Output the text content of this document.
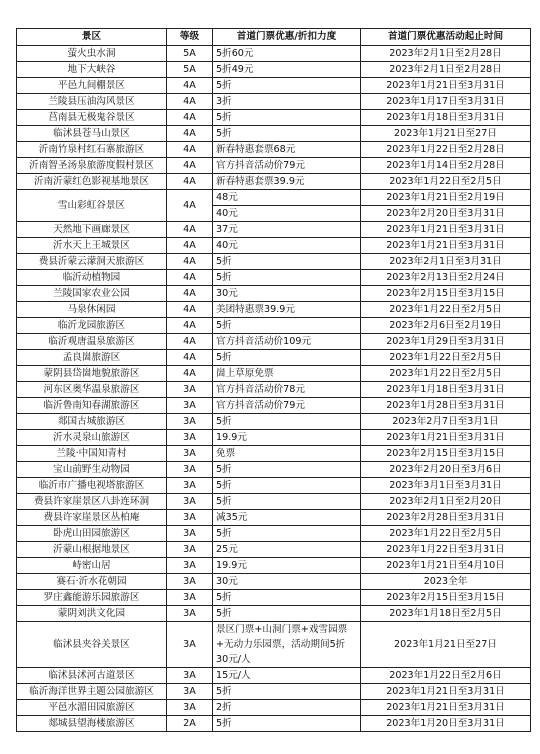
景区	等级	首道门票优惠/折扣力度	首道门票优惠活动起止时间
萤火虫水洞	5A	5折60元	2023年2月1日至2月28日
地下大峡谷	5A	5折49元	2023年2月1日至2月28日
平邑九间棚景区	4A	5折	2023年1月21日至3月31日
兰陵县压油沟风景区	4A	3折	2023年1月17日至3月31日
莒南县无极鬼谷景区	4A	5折	2023年1月18日至3月31日
临沭县苍马山景区	4A	5折	2023年1月21日至27日
沂南竹泉村红石寨旅游区	4A	新春特惠套票68元	2023年1月22日至2月28日
沂南智圣汤泉旅游度假村景区	4A	官方抖音活动价79元	2023年1月14日至2月28日
沂南沂蒙红色影视基地景区	4A	新春特惠套票39.9元	2023年1月22日至2月5日
雪山彩虹谷景区	4A	48元	2023年1月21日至2月19日
		40元	2023年2月20日至3月31日
天然地下画廊景区	4A	37元	2023年1月21日至3月31日
沂水天上王城景区	4A	40元	2023年1月21日至3月31日
费县沂蒙云濛洞天旅游区	4A	5折	2023年2月1日至3月31日
临沂动植物园	4A	5折	2023年2月13日至2月24日
兰陵国家农业公园	4A	30元	2023年2月15日至3月15日
马泉休闲园	4A	美团特惠票39.9元	2023年1月22日至2月5日
临沂龙园旅游区	4A	5折	2023年2月6日至2月19日
临沂观唐温泉旅游区	4A	官方抖音活动价109元	2023年1月29日至3月31日
孟良崮旅游区	4A	5折	2023年1月22日至2月5日
蒙阴县岱崮地貌旅游区	4A	崮上草原免票	2023年1月22日至2月5日
河东区奥华温泉旅游区	3A	官方抖音活动价78元	2023年1月18日至3月31日
临沂鲁南知春湖旅游区	3A	官方抖音活动价79元	2023年1月28日至3月31日
郯国古城旅游区	3A	5折	2023年2月7日至3月1日
沂水灵泉山旅游区	3A	19.9元	2023年1月21日至3月31日
兰陵·中国知青村	3A	免票	2023年2月15日至3月15日
宝山前野生动物园	3A	5折	2023年2月20日至3月6日
临沂市广播电视塔旅游区	3A	5折	2023年3月1日至3月31日
费县许家崖景区八卦连环洞	3A	5折	2023年2月1日至2月20日
费县许家崖景区丛柏庵	3A	减35元	2023年2月28日至3月31日
卧虎山田园旅游区	3A	5折	2023年1月22日至2月5日
沂蒙山根据地景区	3A	25元	2023年1月22日至3月31日
峙密山居	3A	19.9元	2023年1月21日至4月10日
赛石·沂水花朝园	3A	30元	2023全年
罗庄鑫能游乐园旅游区	3A	5折	2023年2月15日至3月15日
蒙阴刘洪文化园	3A	5折	2023年1月18日至2月5日
临沭县夹谷关景区	3A	景区门票+山洞门票+戏雪园票+无动力乐园票，活动期间5折30元/人	2023年1月21日至27日
临沭县沭河古道景区	3A	15元/人	2023年1月22日至2月6日
临沂海洋世界主题公园旅游区	3A	5折	2023年1月21日至3月31日
平邑水湄田园旅游区	3A	2折	2023年1月21日至3月31日
郯城县望海楼旅游区	2A	5折	2023年1月20日至3月31日
